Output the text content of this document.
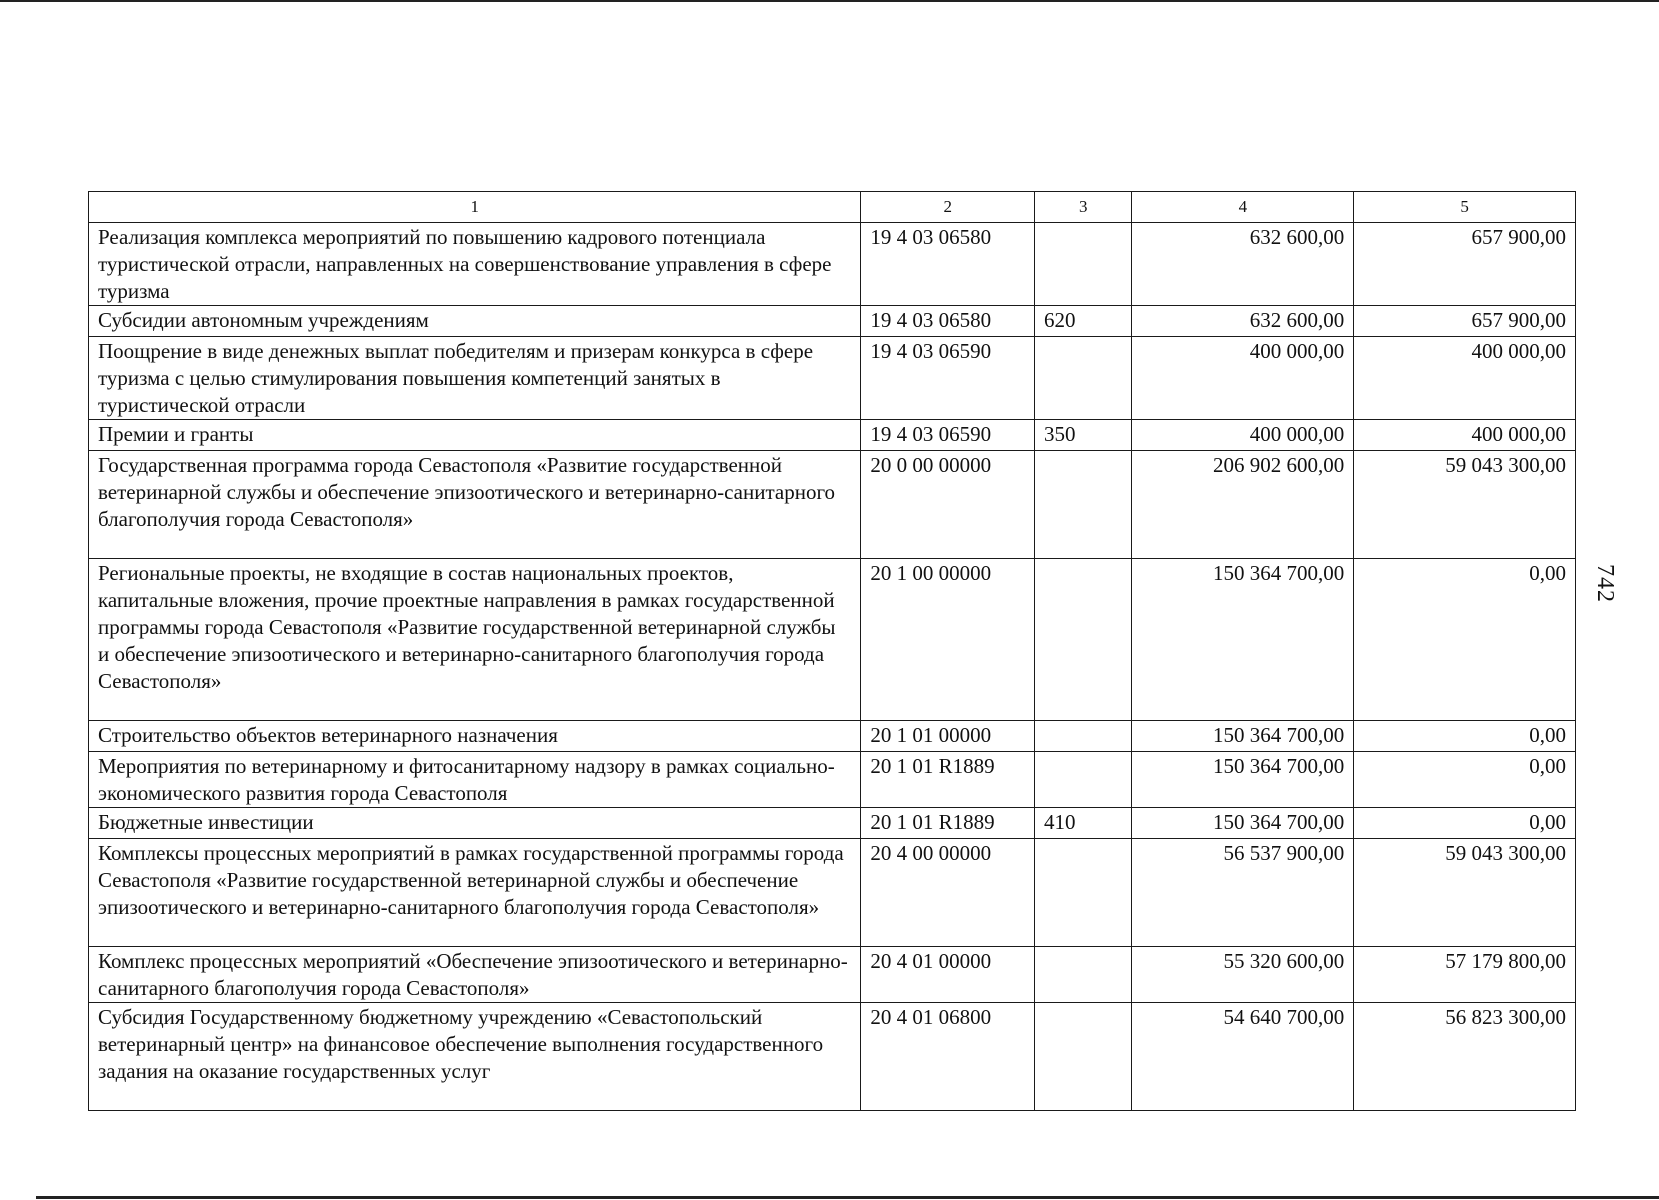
1	2	3	4	5
Реализация комплекса мероприятий по повышению кадрового потенциала туристической отрасли, направленных на совершенствование управления в сфере туризма	19 4 03 06580		632 600,00	657 900,00
Субсидии автономным учреждениям	19 4 03 06580	620	632 600,00	657 900,00
Поощрение в виде денежных выплат победителям и призерам конкурса в сфере туризма с целью стимулирования повышения компетенций занятых в туристической отрасли	19 4 03 06590		400 000,00	400 000,00
Премии и гранты	19 4 03 06590	350	400 000,00	400 000,00
Государственная программа города Севастополя «Развитие государственной ветеринарной службы и обеспечение эпизоотического и ветеринарно-санитарного благополучия города Севастополя»	20 0 00 00000		206 902 600,00	59 043 300,00
Региональные проекты, не входящие в состав национальных проектов, капитальные вложения, прочие проектные направления в рамках государственной программы города Севастополя «Развитие государственной ветеринарной службы и обеспечение эпизоотического и ветеринарно-санитарного благополучия города Севастополя»	20 1 00 00000		150 364 700,00	0,00
Строительство объектов ветеринарного назначения	20 1 01 00000		150 364 700,00	0,00
Мероприятия по ветеринарному и фитосанитарному надзору в рамках социально-экономического развития города Севастополя	20 1 01 R1889		150 364 700,00	0,00
Бюджетные инвестиции	20 1 01 R1889	410	150 364 700,00	0,00
Комплексы процессных мероприятий в рамках государственной программы города Севастополя «Развитие государственной ветеринарной службы и обеспечение эпизоотического и ветеринарно-санитарного благополучия города Севастополя»	20 4 00 00000		56 537 900,00	59 043 300,00
Комплекс процессных мероприятий «Обеспечение эпизоотического и ветеринарно-санитарного благополучия города Севастополя»	20 4 01 00000		55 320 600,00	57 179 800,00
Субсидия Государственному бюджетному учреждению «Севастопольский ветеринарный центр» на финансовое обеспечение выполнения государственного задания на оказание государственных услуг	20 4 01 06800		54 640 700,00	56 823 300,00
742
